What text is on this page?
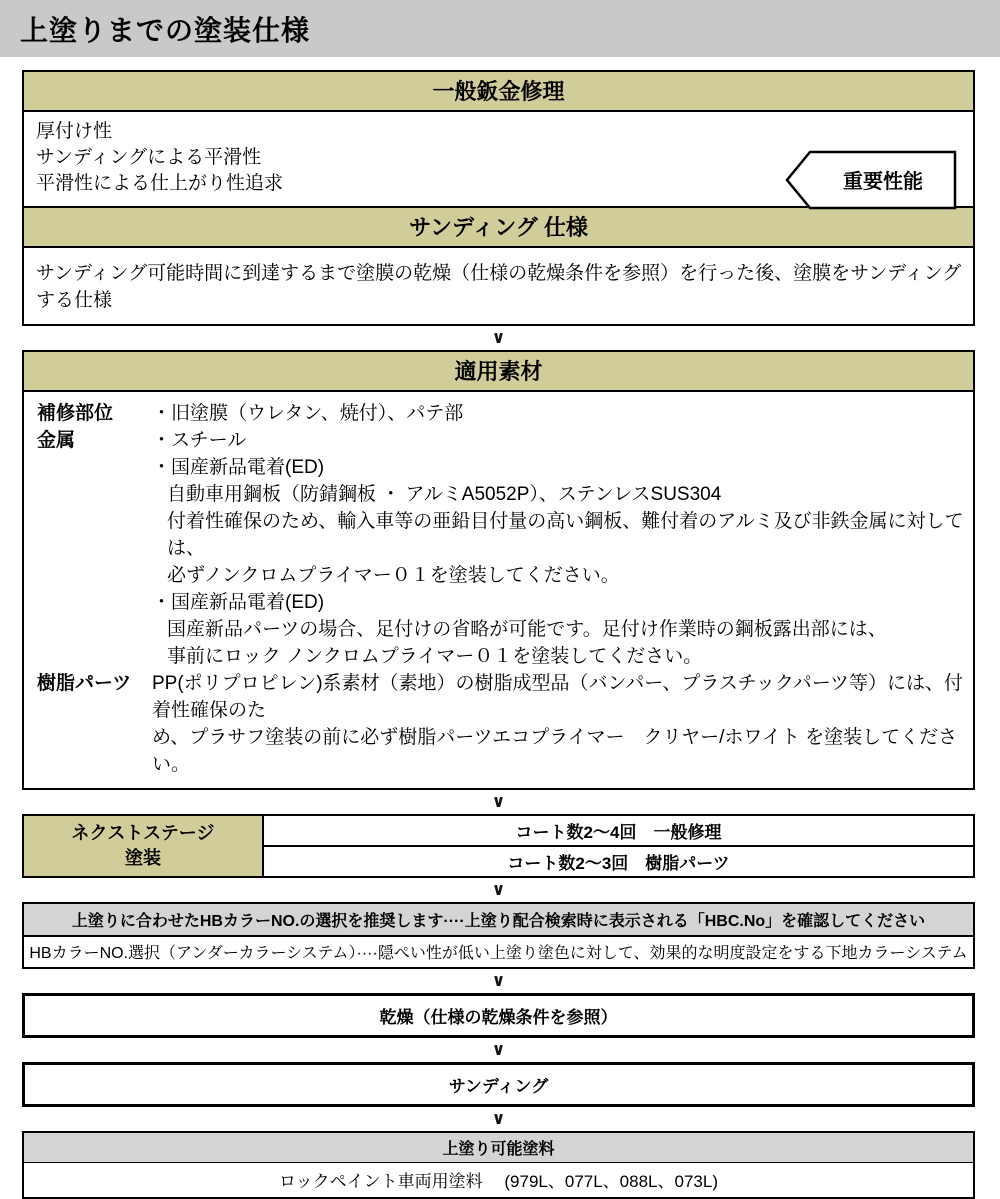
上塗りまでの塗装仕様
一般鈑金修理
厚付け性
サンディングによる平滑性
平滑性による仕上がり性追求	重要性能
サンディング 仕様
サンディング可能時間に到達するまで塗膜の乾燥（仕様の乾燥条件を参照）を行った後、塗膜をサンディングする仕様
∨
適用素材
補修部位	・旧塗膜（ウレタン、焼付）、パテ部
金属	・スチール
・国産新品電着(ED)
自動車用鋼板（防錆鋼板 ・ アルミA5052P）、ステンレスSUS304
付着性確保のため、輸入車等の亜鉛目付量の高い鋼板、難付着のアルミ及び非鉄金属に対しては、
必ずノンクロムプライマー０１を塗装してください。
・国産新品電着(ED)
国産新品パーツの場合、足付けの省略が可能です。足付け作業時の鋼板露出部には、
事前にロック ノンクロムプライマー０１を塗装してください。
樹脂パーツ	PP(ポリプロピレン)系素材（素地）の樹脂成型品（バンパー、プラスチックパーツ等）には、付着性確保のた
め、プラサフ塗装の前に必ず樹脂パーツエコプライマー　クリヤー/ホワイト を塗装してください。
∨
ネクストステージ
塗装
コート数2～4回　一般修理
コート数2～3回　樹脂パーツ
∨
上塗りに合わせたHBカラーNO.の選択を推奨します····上塗り配合検索時に表示される「HBC.No」を確認してください
HBカラーNO.選択（アンダーカラーシステム）····隠ぺい性が低い上塗り塗色に対して、効果的な明度設定をする下地カラーシステム
∨
乾燥（仕様の乾燥条件を参照）
∨
サンディング
∨
上塗り可能塗料
ロックペイント車両用塗料　 (979L、077L、088L、073L)
